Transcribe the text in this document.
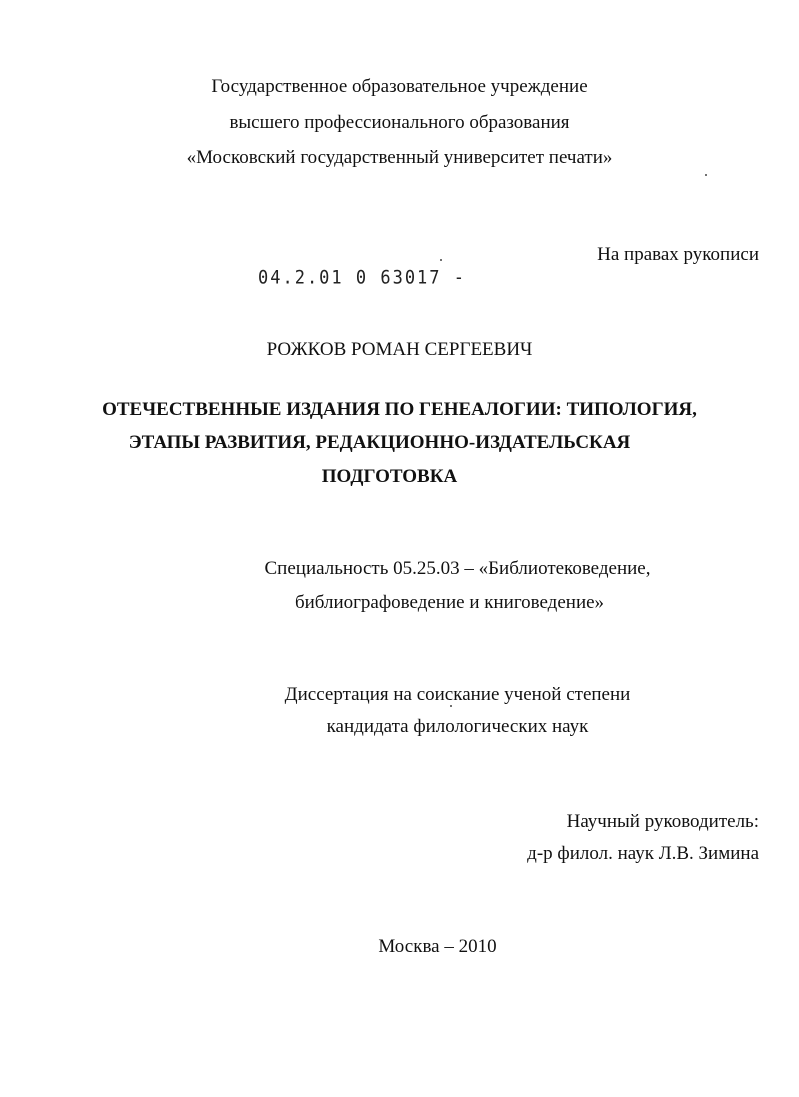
Государственное образовательное учреждение
высшего профессионального образования
«Московский государственный университет печати»
На правах рукописи
04.2.01 0 63017 -
РОЖКОВ РОМАН СЕРГЕЕВИЧ
ОТЕЧЕСТВЕННЫЕ ИЗДАНИЯ ПО ГЕНЕАЛОГИИ: ТИПОЛОГИЯ,
ЭТАПЫ РАЗВИТИЯ, РЕДАКЦИОННО-ИЗДАТЕЛЬСКАЯ
ПОДГОТОВКА
Специальность 05.25.03 – «Библиотековедение,
библиографоведение и книговедение»
Диссертация на соискание ученой степени
кандидата филологических наук
Научный руководитель:
д-р филол. наук Л.В. Зимина
Москва – 2010
